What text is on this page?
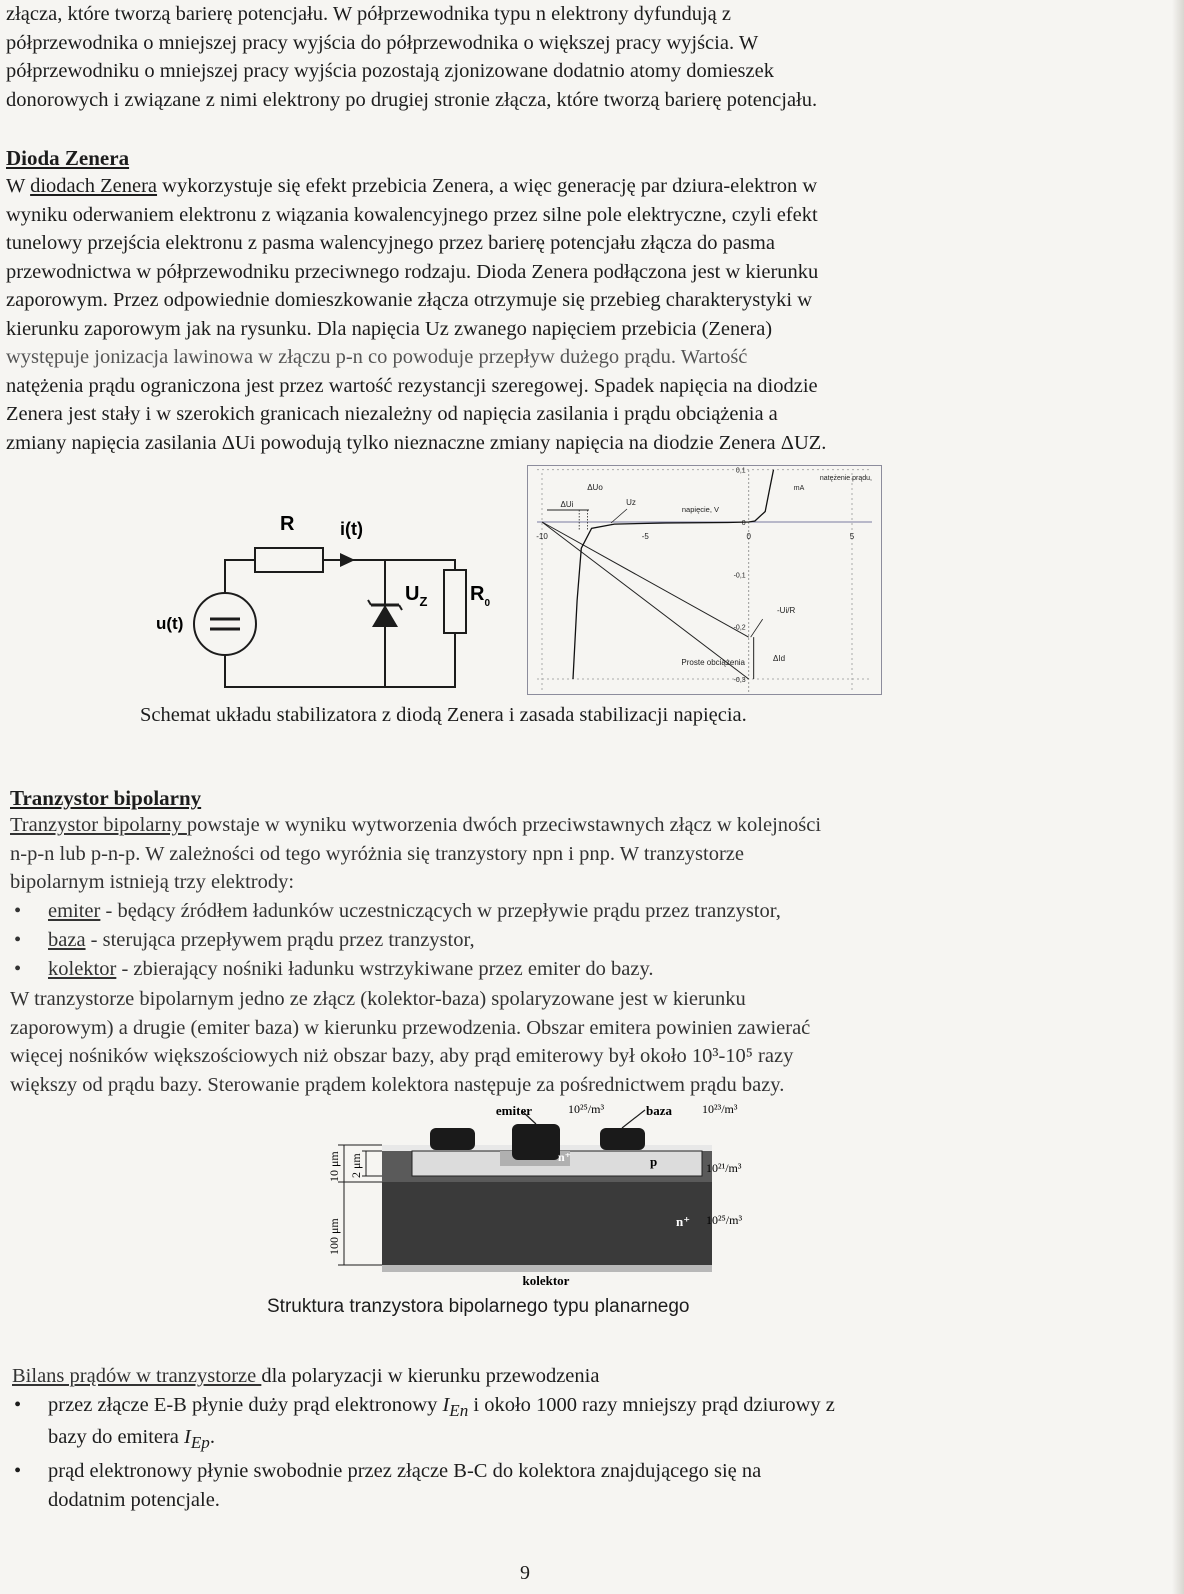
złącza, które tworzą barierę potencjału. W półprzewodnika typu n elektrony dyfundują z
półprzewodnika o mniejszej pracy wyjścia do półprzewodnika o większej pracy wyjścia. W
półprzewodniku o mniejszej pracy wyjścia pozostają zjonizowane dodatnio atomy domieszek
donorowych i związane z nimi elektrony po drugiej stronie złącza, które tworzą barierę potencjału.
Dioda Zenera
W diodach Zenera wykorzystuje się efekt przebicia Zenera, a więc generację par dziura-elektron w
wyniku oderwaniem elektronu z wiązania kowalencyjnego przez silne pole elektryczne, czyli efekt
tunelowy przejścia elektronu z pasma walencyjnego przez barierę potencjału złącza do pasma
przewodnictwa w półprzewodniku przeciwnego rodzaju. Dioda Zenera podłączona jest w kierunku
zaporowym. Przez odpowiednie domieszkowanie złącza otrzymuje się przebieg charakterystyki w
kierunku zaporowym jak na rysunku. Dla napięcia Uz zwanego napięciem przebicia (Zenera)
występuje jonizacja lawinowa w złączu p-n co powoduje przepływ dużego prądu. Wartość
natężenia prądu ograniczona jest przez wartość rezystancji szeregowej. Spadek napięcia na diodzie
Zenera jest stały i w szerokich granicach niezależny od napięcia zasilania i prądu obciążenia a
zmiany napięcia zasilania ΔUi powodują tylko nieznaczne zmiany napięcia na diodzie Zenera ΔUZ.
R	i(t)
u(t)
$U_Z$ $R_0$
-10	-5	0	5
0,1
0
-0,1
-0,2
-0,3
natężenie prądu,
mA
napięcie, V
ΔUo
ΔUi	Uz
-Ui/R
ΔId
Proste obciążenia
Schemat układu stabilizatora z diodą Zenera i zasada stabilizacji napięcia.
Tranzystor bipolarny
Tranzystor bipolarny powstaje w wyniku wytworzenia dwóch przeciwstawnych złącz w kolejności
n-p-n lub p-n-p. W zależności od tego wyróżnia się tranzystory npn i pnp. W tranzystorze
bipolarnym istnieją trzy elektrody:
• emiter - będący źródłem ładunków uczestniczących w przepływie prądu przez tranzystor,
• baza - sterująca przepływem prądu przez tranzystor,
• kolektor - zbierający nośniki ładunku wstrzykiwane przez emiter do bazy.
W tranzystorze bipolarnym jedno ze złącz (kolektor-baza) spolaryzowane jest w kierunku
zaporowym) a drugie (emiter baza) w kierunku przewodzenia. Obszar emitera powinien zawierać
więcej nośników większościowych niż obszar bazy, aby prąd emiterowy był około 10³-10⁵ razy
większy od prądu bazy. Sterowanie prądem kolektora następuje za pośrednictwem prądu bazy.
emiter	10²⁵/m³	baza	10²³/m³
10²¹/m³
10²⁵/m³
n⁺	p
n⁺
kolektor
2 μm
10 μm
100 μm
Struktura tranzystora bipolarnego typu planarnego
Bilans prądów w tranzystorze dla polaryzacji w kierunku przewodzenia
• przez złącze E-B płynie duży prąd elektronowy $I_{En}$ i około 1000 razy mniejszy prąd dziurowy z
bazy do emitera $I_{Ep}$.
• prąd elektronowy płynie swobodnie przez złącze B-C do kolektora znajdującego się na
dodatnim potencjale.
9
